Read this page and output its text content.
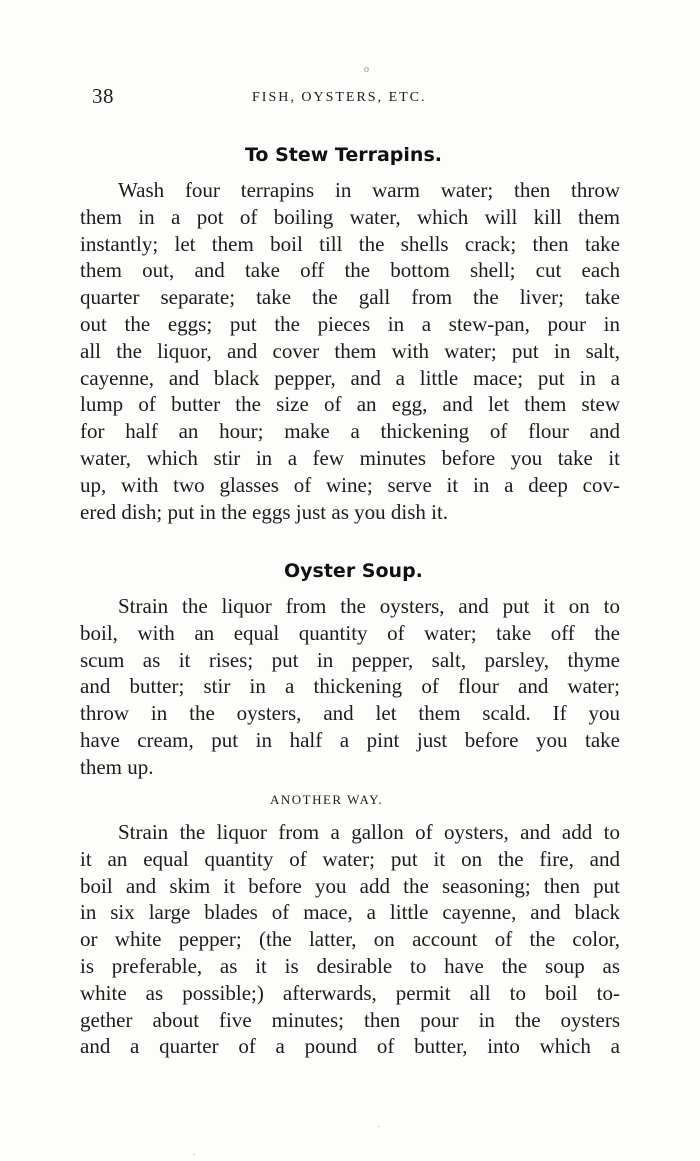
o
38	FISH, OYSTERS, ETC.
To Stew Terrapins.
Wash four terrapins in warm water; then throw
them in a pot of boiling water, which will kill them
instantly; let them boil till the shells crack; then take
them out, and take off the bottom shell; cut each
quarter separate; take the gall from the liver; take
out the eggs; put the pieces in a stew-pan, pour in
all the liquor, and cover them with water; put in salt,
cayenne, and black pepper, and a little mace; put in a
lump of butter the size of an egg, and let them stew
for half an hour; make a thickening of flour and
water, which stir in a few minutes before you take it
up, with two glasses of wine; serve it in a deep cov-
ered dish; put in the eggs just as you dish it.
Oyster Soup.
Strain the liquor from the oysters, and put it on to
boil, with an equal quantity of water; take off the
scum as it rises; put in pepper, salt, parsley, thyme
and butter; stir in a thickening of flour and water;
throw in the oysters, and let them scald. If you
have cream, put in half a pint just before you take
them up.
ANOTHER WAY.
Strain the liquor from a gallon of oysters, and add to
it an equal quantity of water; put it on the fire, and
boil and skim it before you add the seasoning; then put
in six large blades of mace, a little cayenne, and black
or white pepper; (the latter, on account of the color,
is preferable, as it is desirable to have the soup as
white as possible;) afterwards, permit all to boil to-
gether about five minutes; then pour in the oysters
and a quarter of a pound of butter, into which a
.
.
